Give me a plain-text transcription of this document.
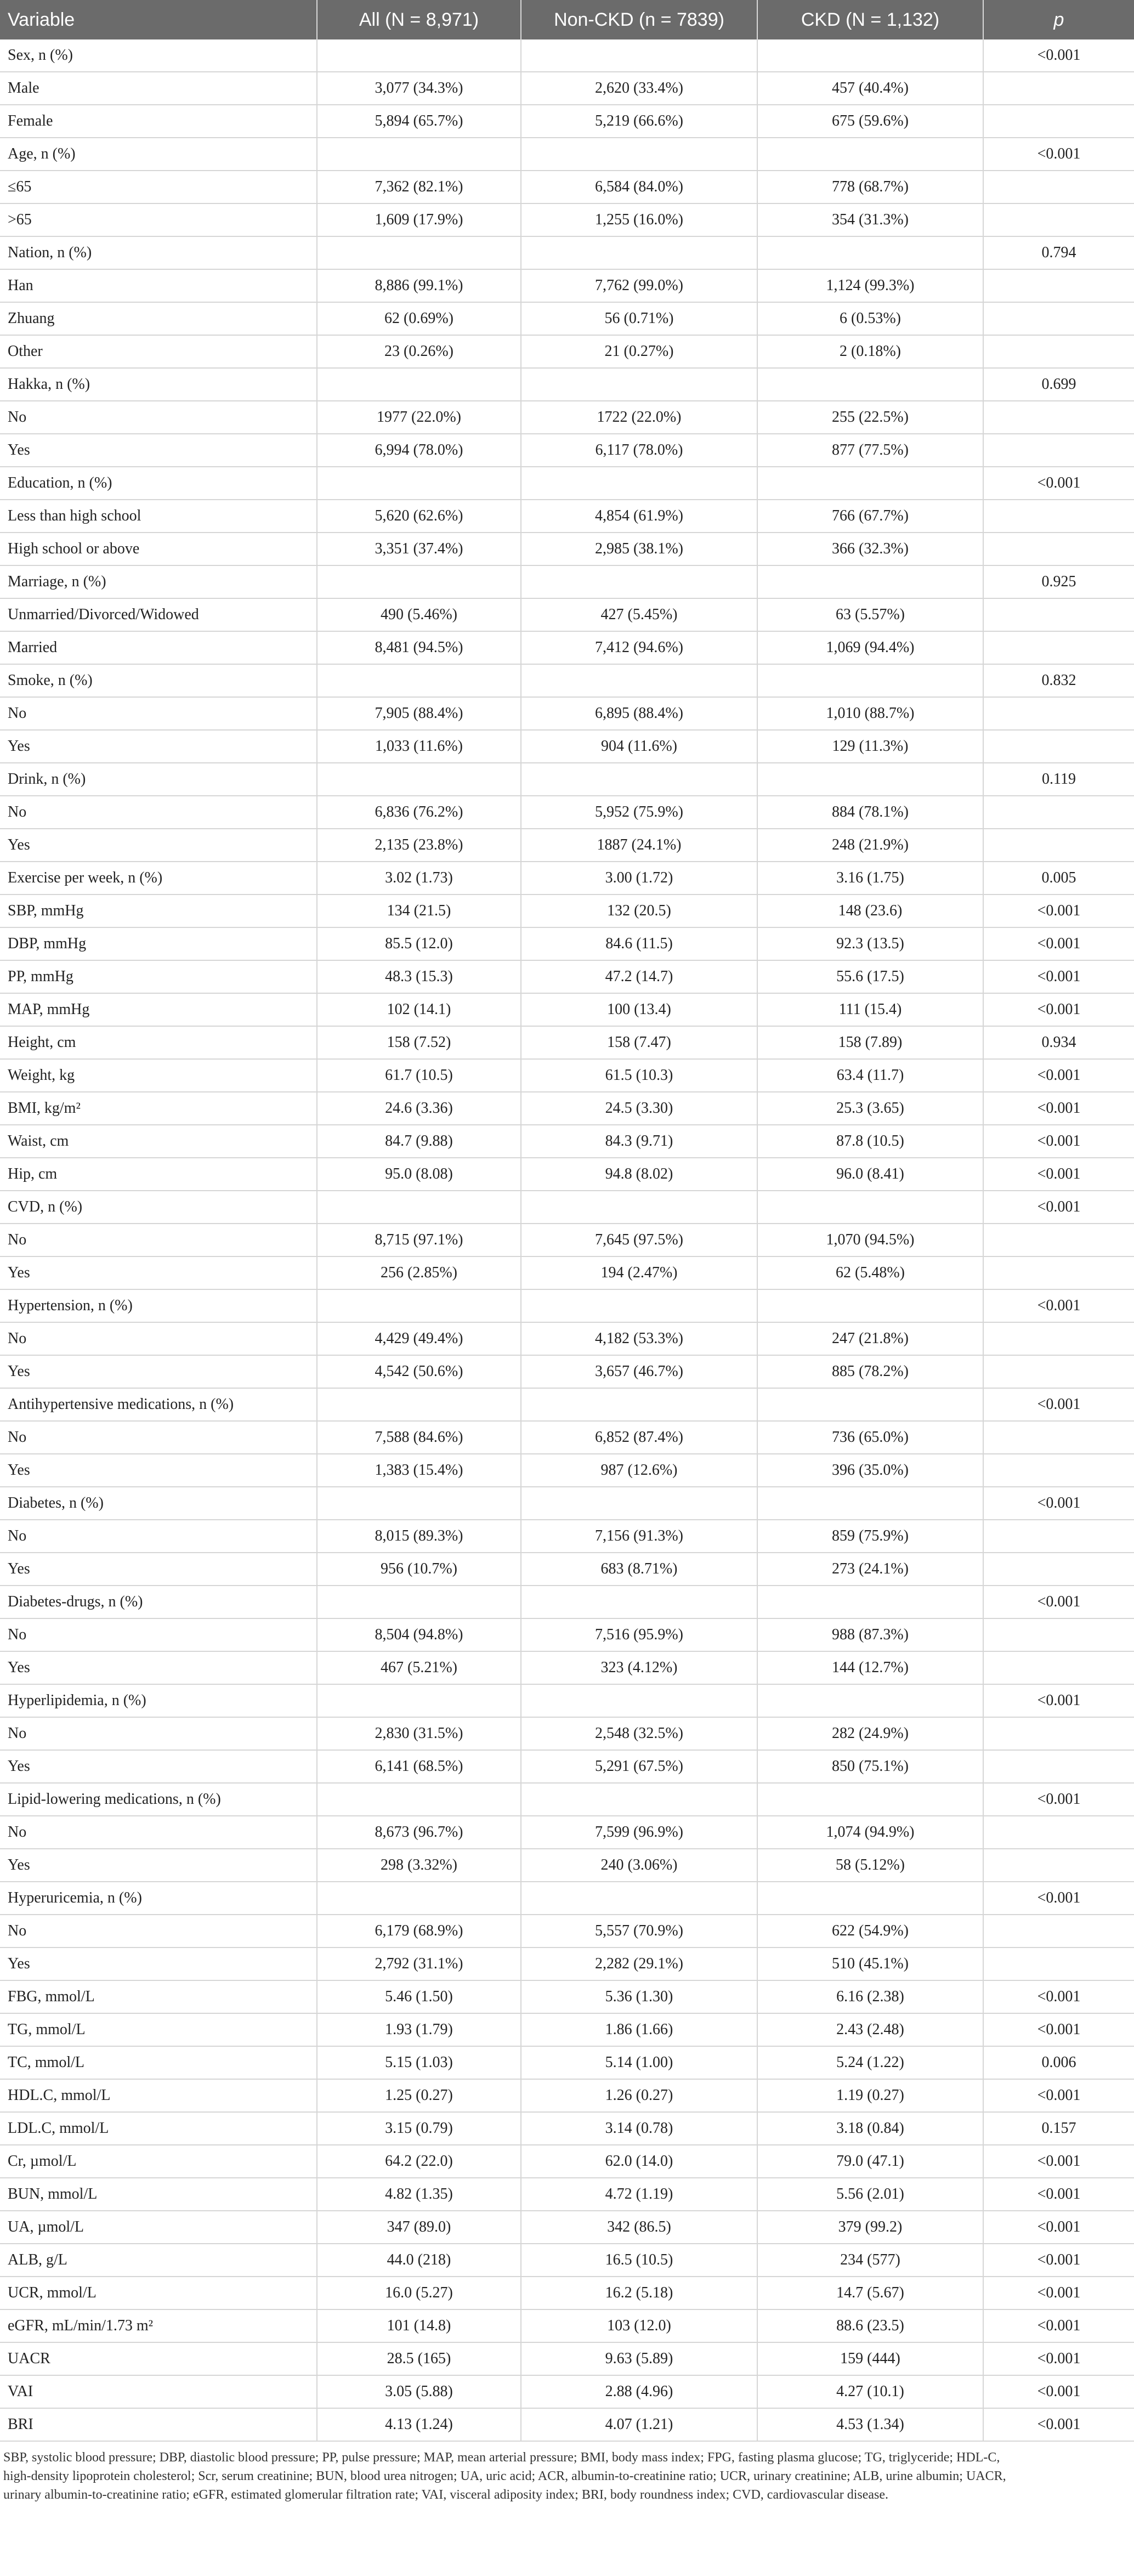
Variable	All (N = 8,971)	Non-CKD (n = 7839)	CKD (N = 1,132)	p
Sex, n (%)				<0.001
Male	3,077 (34.3%)	2,620 (33.4%)	457 (40.4%)	
Female	5,894 (65.7%)	5,219 (66.6%)	675 (59.6%)	
Age, n (%)				<0.001
≤65	7,362 (82.1%)	6,584 (84.0%)	778 (68.7%)	
>65	1,609 (17.9%)	1,255 (16.0%)	354 (31.3%)	
Nation, n (%)				0.794
Han	8,886 (99.1%)	7,762 (99.0%)	1,124 (99.3%)	
Zhuang	62 (0.69%)	56 (0.71%)	6 (0.53%)	
Other	23 (0.26%)	21 (0.27%)	2 (0.18%)	
Hakka, n (%)				0.699
No	1977 (22.0%)	1722 (22.0%)	255 (22.5%)	
Yes	6,994 (78.0%)	6,117 (78.0%)	877 (77.5%)	
Education, n (%)				<0.001
Less than high school	5,620 (62.6%)	4,854 (61.9%)	766 (67.7%)	
High school or above	3,351 (37.4%)	2,985 (38.1%)	366 (32.3%)	
Marriage, n (%)				0.925
Unmarried/Divorced/Widowed	490 (5.46%)	427 (5.45%)	63 (5.57%)	
Married	8,481 (94.5%)	7,412 (94.6%)	1,069 (94.4%)	
Smoke, n (%)				0.832
No	7,905 (88.4%)	6,895 (88.4%)	1,010 (88.7%)	
Yes	1,033 (11.6%)	904 (11.6%)	129 (11.3%)	
Drink, n (%)				0.119
No	6,836 (76.2%)	5,952 (75.9%)	884 (78.1%)	
Yes	2,135 (23.8%)	1887 (24.1%)	248 (21.9%)	
Exercise per week, n (%)	3.02 (1.73)	3.00 (1.72)	3.16 (1.75)	0.005
SBP, mmHg	134 (21.5)	132 (20.5)	148 (23.6)	<0.001
DBP, mmHg	85.5 (12.0)	84.6 (11.5)	92.3 (13.5)	<0.001
PP, mmHg	48.3 (15.3)	47.2 (14.7)	55.6 (17.5)	<0.001
MAP, mmHg	102 (14.1)	100 (13.4)	111 (15.4)	<0.001
Height, cm	158 (7.52)	158 (7.47)	158 (7.89)	0.934
Weight, kg	61.7 (10.5)	61.5 (10.3)	63.4 (11.7)	<0.001
BMI, kg/m²	24.6 (3.36)	24.5 (3.30)	25.3 (3.65)	<0.001
Waist, cm	84.7 (9.88)	84.3 (9.71)	87.8 (10.5)	<0.001
Hip, cm	95.0 (8.08)	94.8 (8.02)	96.0 (8.41)	<0.001
CVD, n (%)				<0.001
No	8,715 (97.1%)	7,645 (97.5%)	1,070 (94.5%)	
Yes	256 (2.85%)	194 (2.47%)	62 (5.48%)	
Hypertension, n (%)				<0.001
No	4,429 (49.4%)	4,182 (53.3%)	247 (21.8%)	
Yes	4,542 (50.6%)	3,657 (46.7%)	885 (78.2%)	
Antihypertensive medications, n (%)				<0.001
No	7,588 (84.6%)	6,852 (87.4%)	736 (65.0%)	
Yes	1,383 (15.4%)	987 (12.6%)	396 (35.0%)	
Diabetes, n (%)				<0.001
No	8,015 (89.3%)	7,156 (91.3%)	859 (75.9%)	
Yes	956 (10.7%)	683 (8.71%)	273 (24.1%)	
Diabetes-drugs, n (%)				<0.001
No	8,504 (94.8%)	7,516 (95.9%)	988 (87.3%)	
Yes	467 (5.21%)	323 (4.12%)	144 (12.7%)	
Hyperlipidemia, n (%)				<0.001
No	2,830 (31.5%)	2,548 (32.5%)	282 (24.9%)	
Yes	6,141 (68.5%)	5,291 (67.5%)	850 (75.1%)	
Lipid-lowering medications, n (%)				<0.001
No	8,673 (96.7%)	7,599 (96.9%)	1,074 (94.9%)	
Yes	298 (3.32%)	240 (3.06%)	58 (5.12%)	
Hyperuricemia, n (%)				<0.001
No	6,179 (68.9%)	5,557 (70.9%)	622 (54.9%)	
Yes	2,792 (31.1%)	2,282 (29.1%)	510 (45.1%)	
FBG, mmol/L	5.46 (1.50)	5.36 (1.30)	6.16 (2.38)	<0.001
TG, mmol/L	1.93 (1.79)	1.86 (1.66)	2.43 (2.48)	<0.001
TC, mmol/L	5.15 (1.03)	5.14 (1.00)	5.24 (1.22)	0.006
HDL.C, mmol/L	1.25 (0.27)	1.26 (0.27)	1.19 (0.27)	<0.001
LDL.C, mmol/L	3.15 (0.79)	3.14 (0.78)	3.18 (0.84)	0.157
Cr, µmol/L	64.2 (22.0)	62.0 (14.0)	79.0 (47.1)	<0.001
BUN, mmol/L	4.82 (1.35)	4.72 (1.19)	5.56 (2.01)	<0.001
UA, µmol/L	347 (89.0)	342 (86.5)	379 (99.2)	<0.001
ALB, g/L	44.0 (218)	16.5 (10.5)	234 (577)	<0.001
UCR, mmol/L	16.0 (5.27)	16.2 (5.18)	14.7 (5.67)	<0.001
eGFR, mL/min/1.73 m²	101 (14.8)	103 (12.0)	88.6 (23.5)	<0.001
UACR	28.5 (165)	9.63 (5.89)	159 (444)	<0.001
VAI	3.05 (5.88)	2.88 (4.96)	4.27 (10.1)	<0.001
BRI	4.13 (1.24)	4.07 (1.21)	4.53 (1.34)	<0.001
SBP, systolic blood pressure; DBP, diastolic blood pressure; PP, pulse pressure; MAP, mean arterial pressure; BMI, body mass index; FPG, fasting plasma glucose; TG, triglyceride; HDL-C,
high-density lipoprotein cholesterol; Scr, serum creatinine; BUN, blood urea nitrogen; UA, uric acid; ACR, albumin-to-creatinine ratio; UCR, urinary creatinine; ALB, urine albumin; UACR,
urinary albumin-to-creatinine ratio; eGFR, estimated glomerular filtration rate; VAI, visceral adiposity index; BRI, body roundness index; CVD, cardiovascular disease.
